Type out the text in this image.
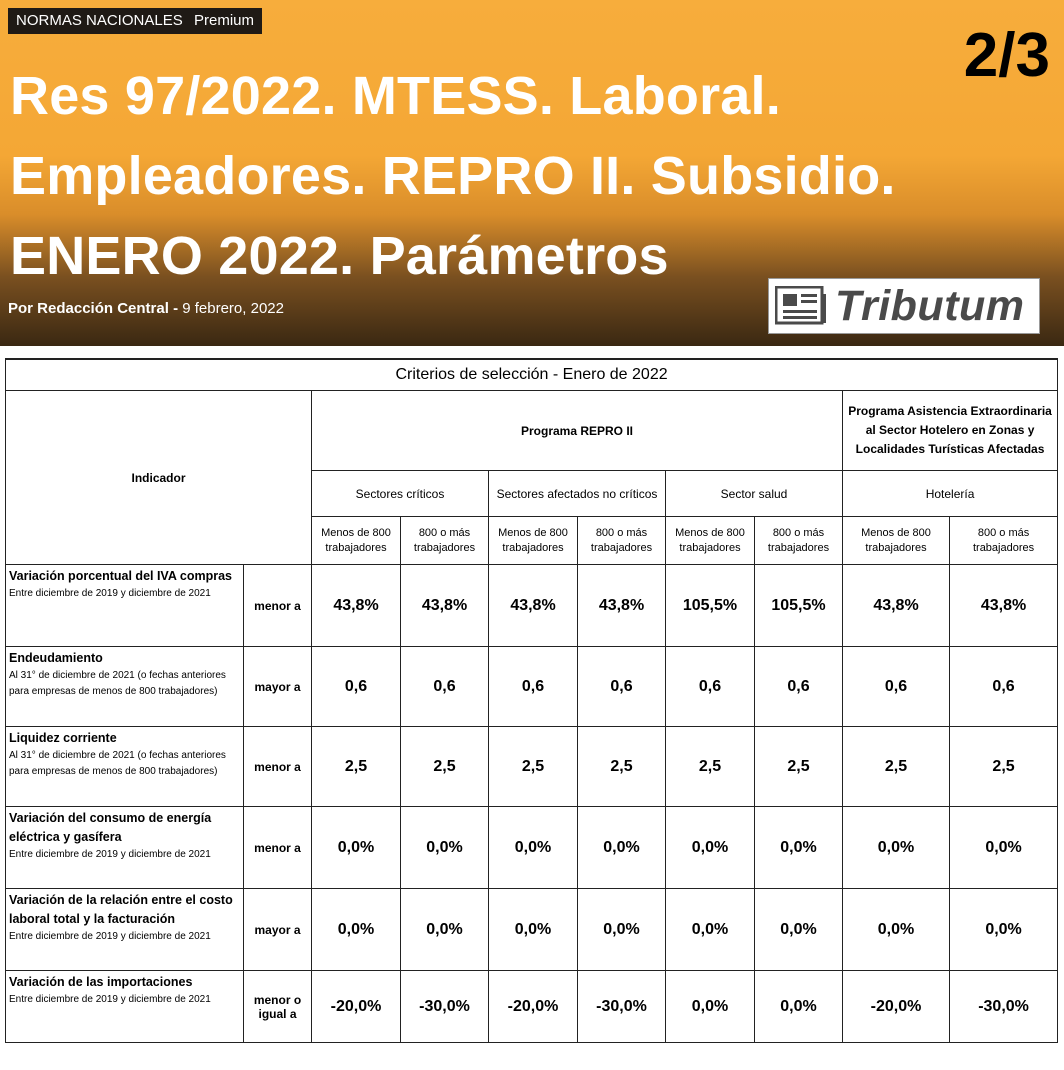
NORMAS NACIONALES Premium
2/3
Res 97/2022. MTESS. Laboral.
Empleadores. REPRO II. Subsidio.
ENERO 2022. Parámetros
Por Redacción Central - 9 febrero, 2022	Tributum
Criterios de selección - Enero de 2022									
Indicador		Programa REPRO II						Programa Asistencia Extraordinaria al Sector Hotelero en Zonas y Localidades Turísticas Afectadas	
		Sectores críticos		Sectores afectados no críticos		Sector salud		Hotelería	
		Menos de 800 trabajadores	800 o más trabajadores	Menos de 800 trabajadores	800 o más trabajadores	Menos de 800 trabajadores	800 o más trabajadores	Menos de 800 trabajadores	800 o más trabajadores

Variación porcentual del IVA compras
Entre diciembre de 2019 y diciembre de 2021	menor a	43,8%	43,8%	43,8%	43,8%	105,5%	105,5%	43,8%	43,8%

Endeudamiento
Al 31° de diciembre de 2021 (o fechas anteriores para empresas de menos de 800 trabajadores)	mayor a	0,6	0,6	0,6	0,6	0,6	0,6	0,6	0,6

Liquidez corriente
Al 31° de diciembre de 2021 (o fechas anteriores para empresas de menos de 800 trabajadores)	menor a	2,5	2,5	2,5	2,5	2,5	2,5	2,5	2,5

Variación del consumo de energía eléctrica y gasífera
Entre diciembre de 2019 y diciembre de 2021	menor a	0,0%	0,0%	0,0%	0,0%	0,0%	0,0%	0,0%	0,0%

Variación de la relación entre el costo laboral total y la facturación
Entre diciembre de 2019 y diciembre de 2021	mayor a	0,0%	0,0%	0,0%	0,0%	0,0%	0,0%	0,0%	0,0%

Variación de las importaciones
Entre diciembre de 2019 y diciembre de 2021	menor o igual a	-20,0%	-30,0%	-20,0%	-30,0%	0,0%	0,0%	-20,0%	-30,0%
